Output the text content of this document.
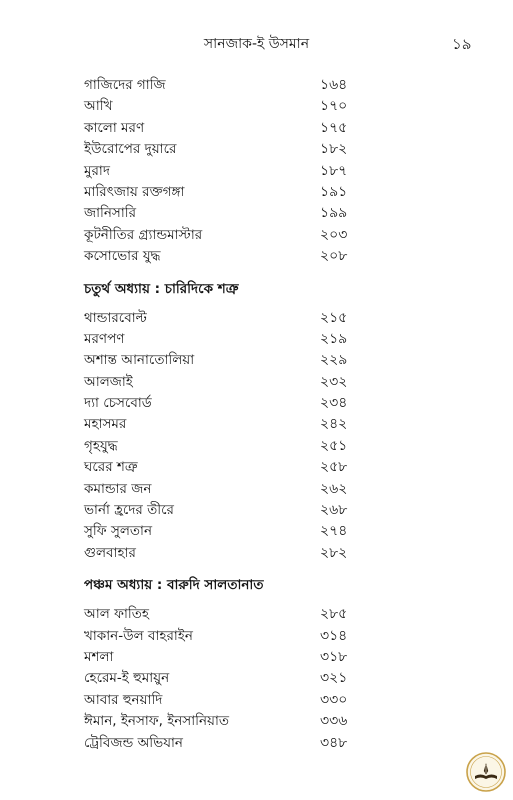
সানজাক-ই উসমান	১৯
গাজিদের গাজি	১৬৪
আখি	১৭০
কালো মরণ	১৭৫
ইউরোপের দুয়ারে	১৮২
মুরাদ	১৮৭
মারিৎজায় রক্তগঙ্গা	১৯১
জানিসারি	১৯৯
কূটনীতির গ্র্যান্ডমাস্টার	২০৩
কসোভোর যুদ্ধ	২০৮
চতুর্থ অধ্যায় : চারিদিকে শত্রু
থান্ডারবোল্ট	২১৫
মরণপণ	২১৯
অশান্ত আনাতোলিয়া	২২৯
আলজাই	২৩২
দ্যা চেসবোর্ড	২৩৪
মহাসমর	২৪২
গৃহযুদ্ধ	২৫১
ঘরের শত্রু	২৫৮
কমান্ডার জন	২৬২
ভার্না হ্রদের তীরে	২৬৮
সুফি সুলতান	২৭৪
গুলবাহার	২৮২
পঞ্চম অধ্যায় : বারুদি সালতানাত
আল ফাতিহ	২৮৫
খাকান-উল বাহরাইন	৩১৪
মশলা	৩১৮
হেরেম-ই হুমায়ুন	৩২১
আবার হুনয়াদি	৩৩০
ঈমান, ইনসাফ, ইনসানিয়াত	৩৩৬
ট্রেবিজন্ড অভিযান	৩৪৮
